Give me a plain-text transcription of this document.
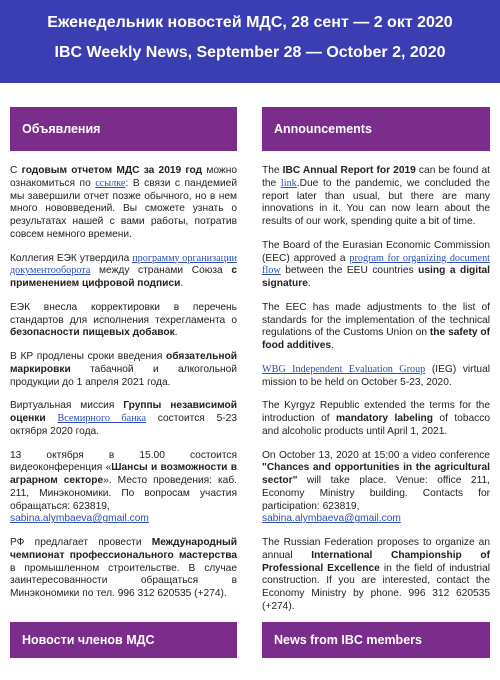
Еженедельник новостей МДС, 28 сент — 2 окт 2020
IBC Weekly News, September 28 — October 2, 2020
Объявления

С годовым отчетом МДС за 2019 год можно ознакомиться по ссылке: В связи с пандемией мы завершили отчет позже обычного, но в нем много нововведений. Вы сможете узнать о результатах нашей с вами работы, потратив совсем немного времени.

Коллегия ЕЭК утвердила программу организации документооборота между странами Союза с применением цифровой подписи.

ЕЭК внесла корректировки в перечень стандартов для исполнения техрегламента о безопасности пищевых добавок.

В КР продлены сроки введения обязательной маркировки табачной и алкогольной продукции до 1 апреля 2021 года.

Виртуальная миссия Группы независимой оценки Всемирного банка состоится 5-23 октября 2020 года.

13 октября в 15.00 состоится видеоконференция «Шансы и возможности в аграрном секторе». Место проведения: каб. 211, Минэкономики. По вопросам участия обращаться: 623819,
sabina.alymbaeva@gmail.com

РФ предлагает провести Международный чемпионат профессионального мастерства в промышленном строительстве. В случае заинтересованности обращаться в Минэкономики по тел. 996 312 620535 (+274).

Announcements

The IBC Annual Report for 2019 can be found at the link.Due to the pandemic, we concluded the report later than usual, but there are many innovations in it. You can now learn about the results of our work, spending quite a bit of time.

The Board of the Eurasian Economic Commission (EEC) approved a program for organizing document flow between the EEU countries using a digital signature.

The EEC has made adjustments to the list of standards for the implementation of the technical regulations of the Customs Union on the safety of food additives.

WBG Independent Evaluation Group (IEG) virtual mission to be held on October 5-23, 2020.

The Kyrgyz Republic extended the terms for the introduction of mandatory labeling of tobacco and alcoholic products until April 1, 2021.

On October 13, 2020 at 15:00 a video conference "Chances and opportunities in the agricultural sector" will take place. Venue: office 211, Economy Ministry building. Contacts for participation: 623819,
sabina.alymbaeva@gmail.com

The Russian Federation proposes to organize an annual International Championship of Professional Excellence in the field of industrial construction. If you are interested, contact the Economy Ministry by phone. 996 312 620535 (+274).

Новости членов МДС	News from IBC members
